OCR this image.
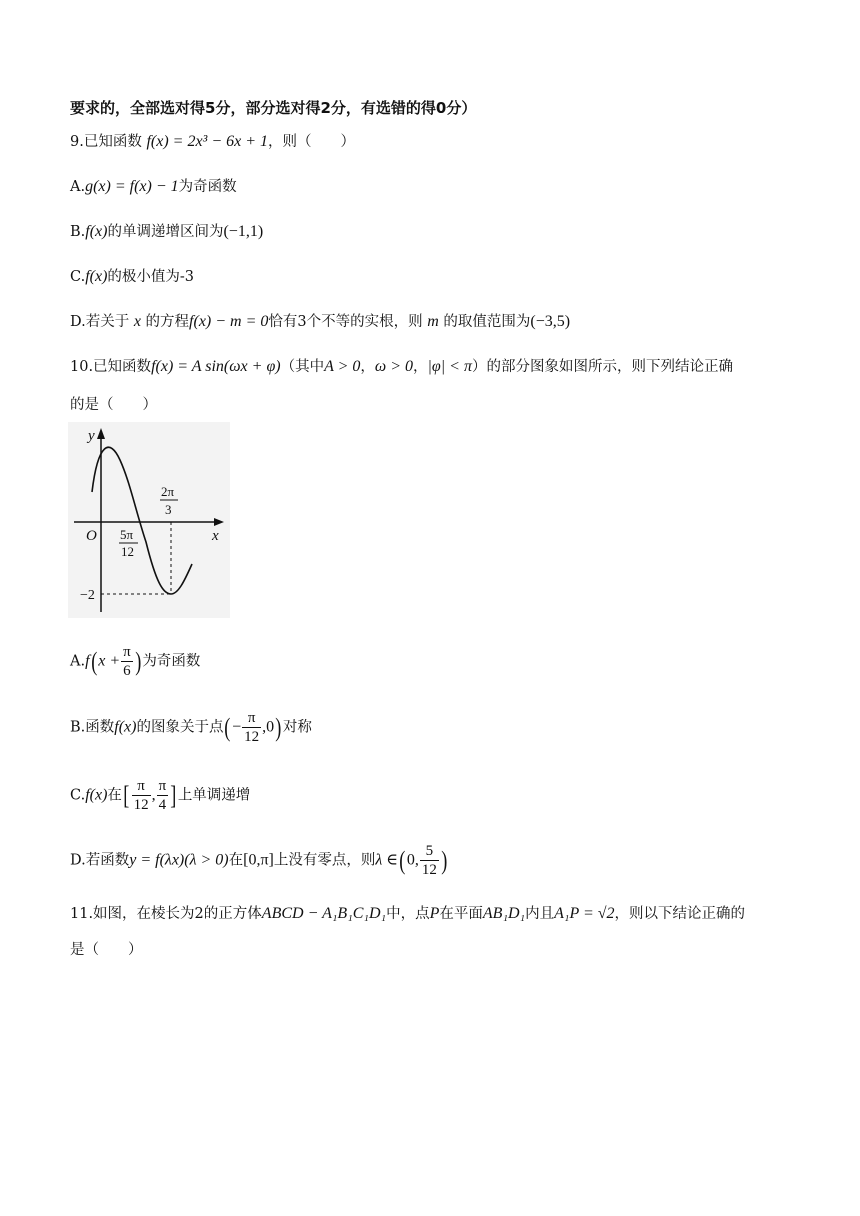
要求的，全部选对得5分，部分选对得2分，有选错的得0分）
9.已知函数 f(x) = 2x³ − 6x + 1，则（　　）
A.g(x) = f(x) − 1为奇函数
B.f(x)的单调递增区间为(−1,1)
C.f(x)的极小值为-3
D.若关于 x 的方程f(x) − m = 0恰有3个不等的实根，则 m 的取值范围为(−3,5)
10.已知函数f(x) = A sin(ωx + φ)（其中A > 0，ω > 0，|φ| < π）的部分图象如图所示，则下列结论正确
的是（　　）
y
x
O 5π
12
2π
3
−2
$A.f(x + \frac{\pi}{6}$ )为奇函数
B.函数f(x)的图象关于点(− $\frac{\pi}{12} ,0$)对称
C.f(x)在[ $\frac{\pi}{12}$ , $\frac{\pi}{4}$ ]上单调递增
D.若函数y = f(λx)(λ > 0)在[0,π]上没有零点，则λ ∈(0, $\frac{5}{12}$ )
11.如图，在棱长为2的正方体ABCD − A₁B₁C₁D₁中，点P在平面AB₁D₁内且A₁P = √2，则以下结论正确的
是（　　）
